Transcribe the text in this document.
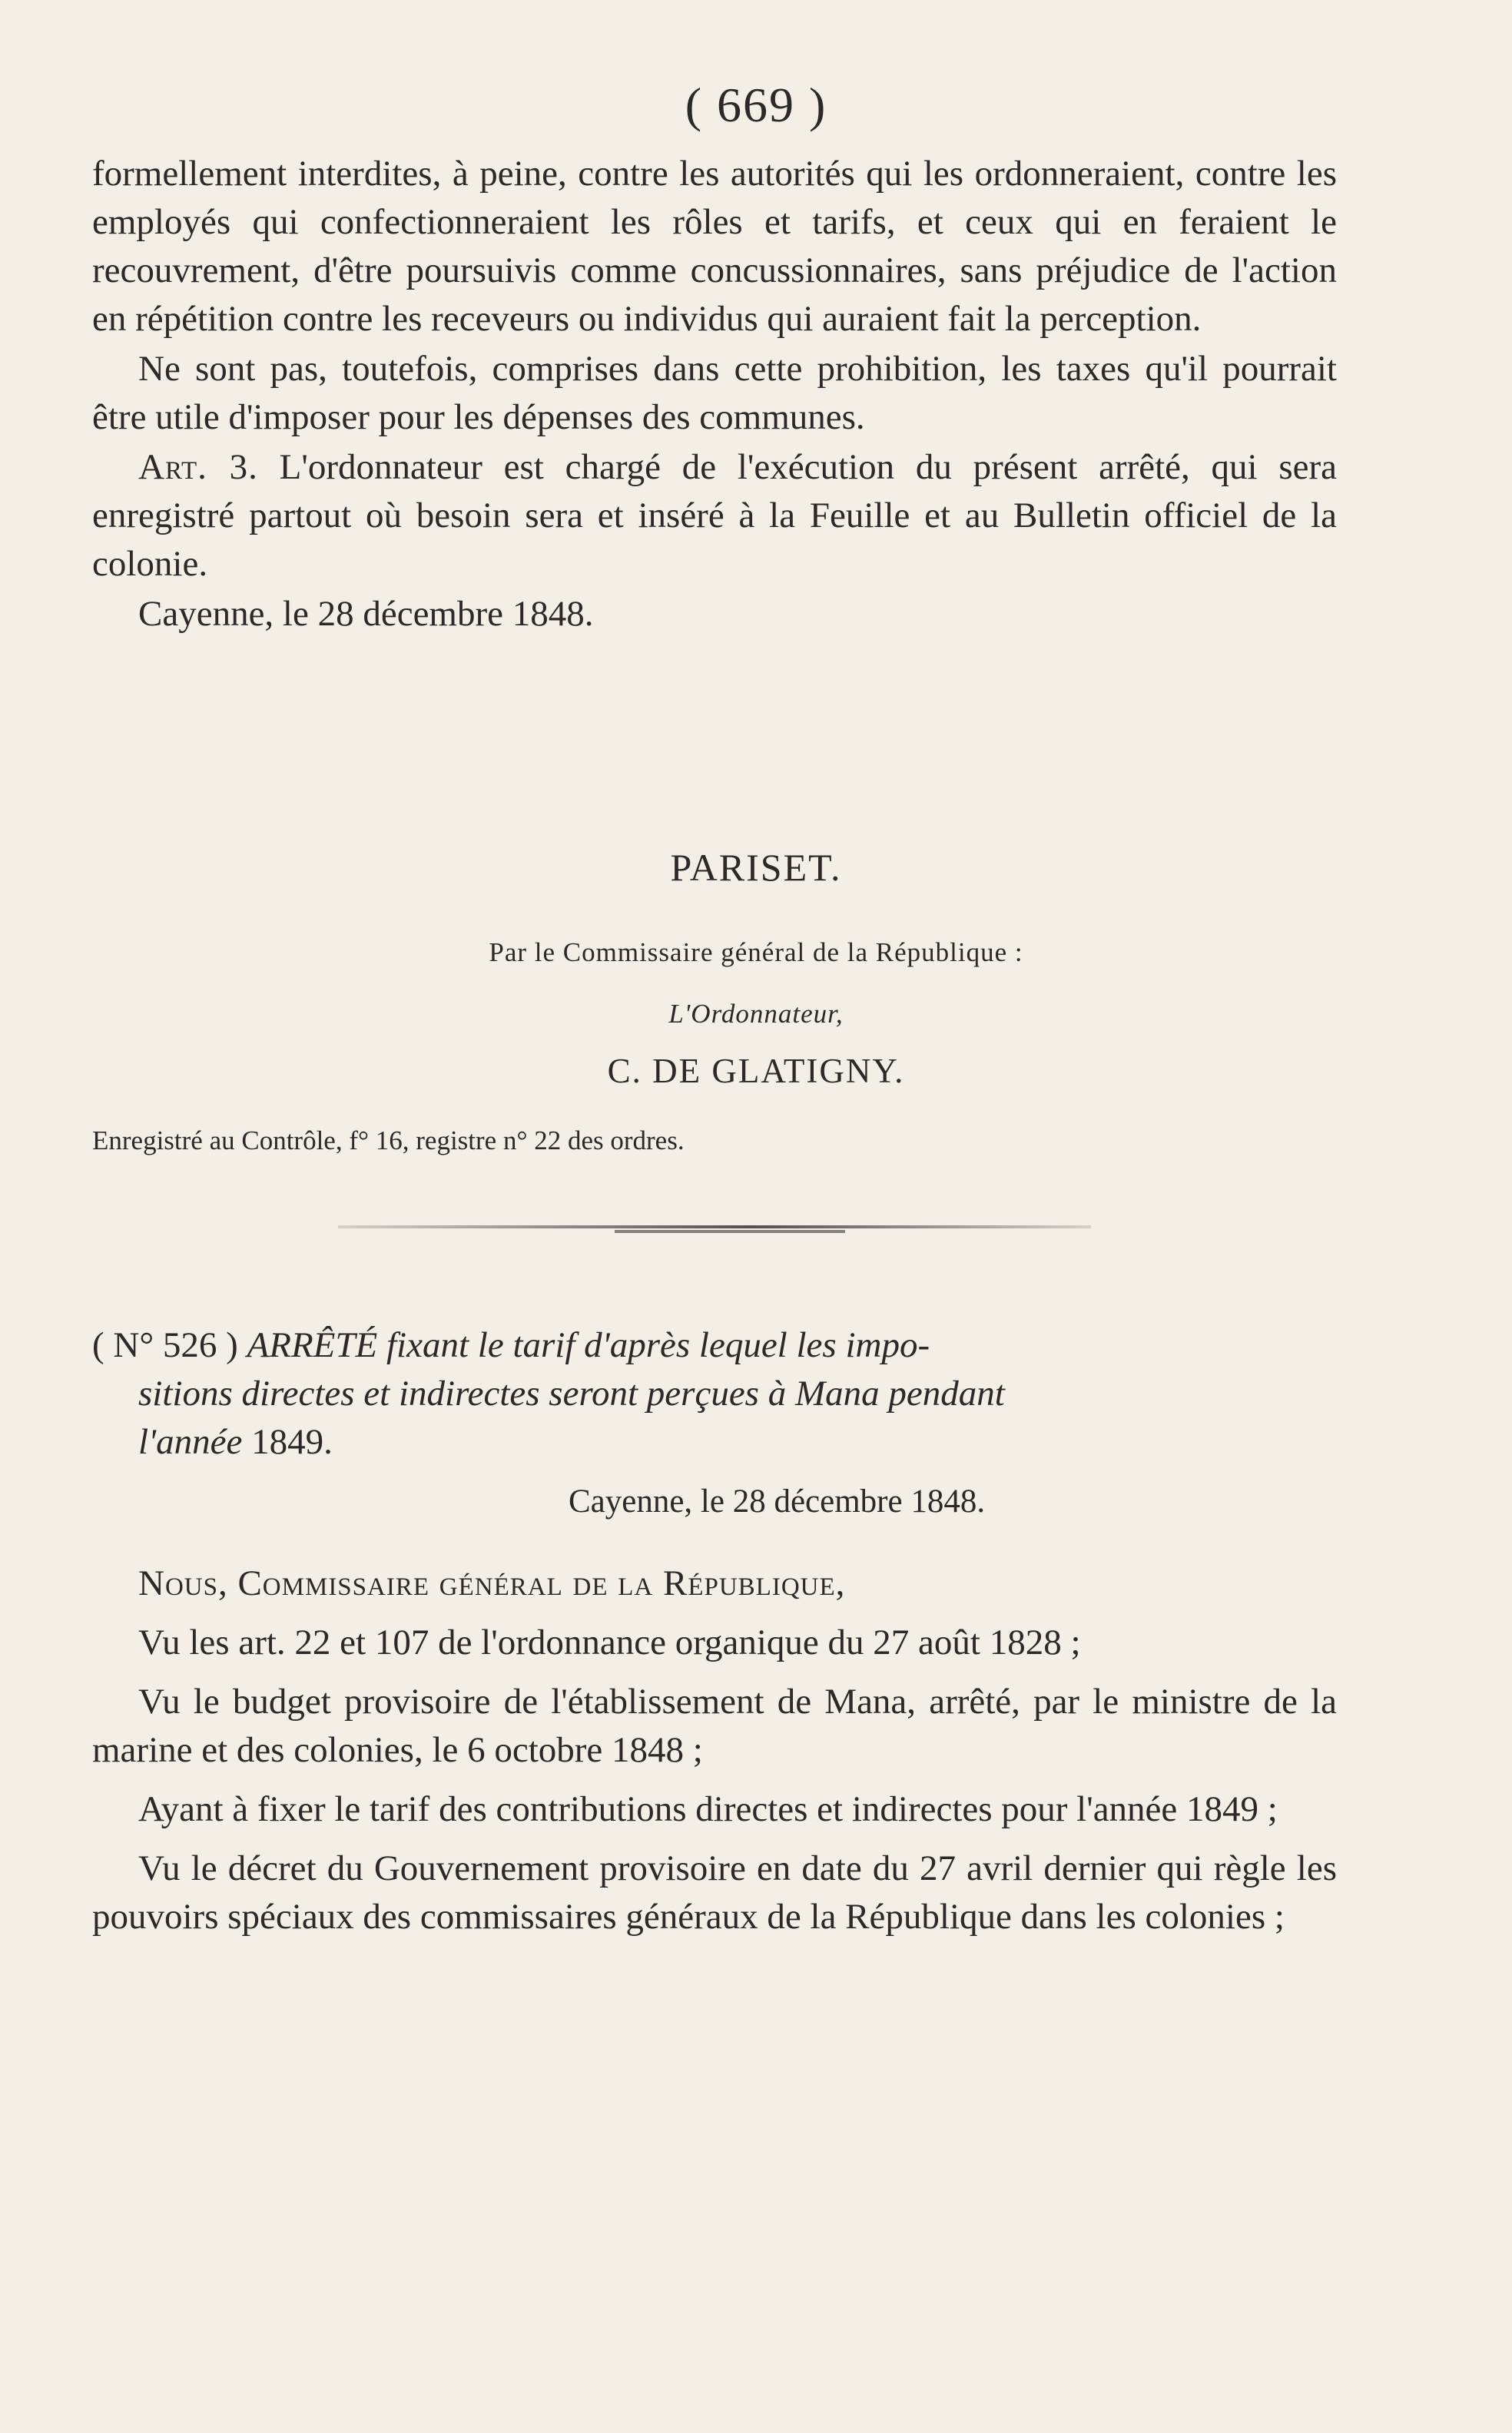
( 669 )

formellement interdites, à peine, contre les autorités qui les ordonneraient, contre les employés qui confectionneraient les rôles et tarifs, et ceux qui en feraient le recouvrement, d'être poursuivis comme concussionnaires, sans préjudice de l'action en répétition contre les receveurs ou individus qui auraient fait la perception.

Ne sont pas, toutefois, comprises dans cette prohibition, les taxes qu'il pourrait être utile d'imposer pour les dépenses des communes.

Art. 3. L'ordonnateur est chargé de l'exécution du présent arrêté, qui sera enregistré partout où besoin sera et inséré à la Feuille et au Bulletin officiel de la colonie.

Cayenne, le 28 décembre 1848.

PARISET.
Par le Commissaire général de la République :
L'Ordonnateur,
C. DE GLATIGNY.
Enregistré au Contrôle, f° 16, registre n° 22 des ordres.
( N° 526 ) ARRÊTÉ fixant le tarif d'après lequel les impo-
sitions directes et indirectes seront perçues à Mana pendant
l'année 1849.
Cayenne, le 28 décembre 1848.

Nous, Commissaire général de la République,

Vu les art. 22 et 107 de l'ordonnance organique du 27 août 1828 ;

Vu le budget provisoire de l'établissement de Mana, arrêté, par le ministre de la marine et des colonies, le 6 octobre 1848 ;

Ayant à fixer le tarif des contributions directes et indirectes pour l'année 1849 ;

Vu le décret du Gouvernement provisoire en date du 27 avril dernier qui règle les pouvoirs spéciaux des commissaires généraux de la République dans les colonies ;
